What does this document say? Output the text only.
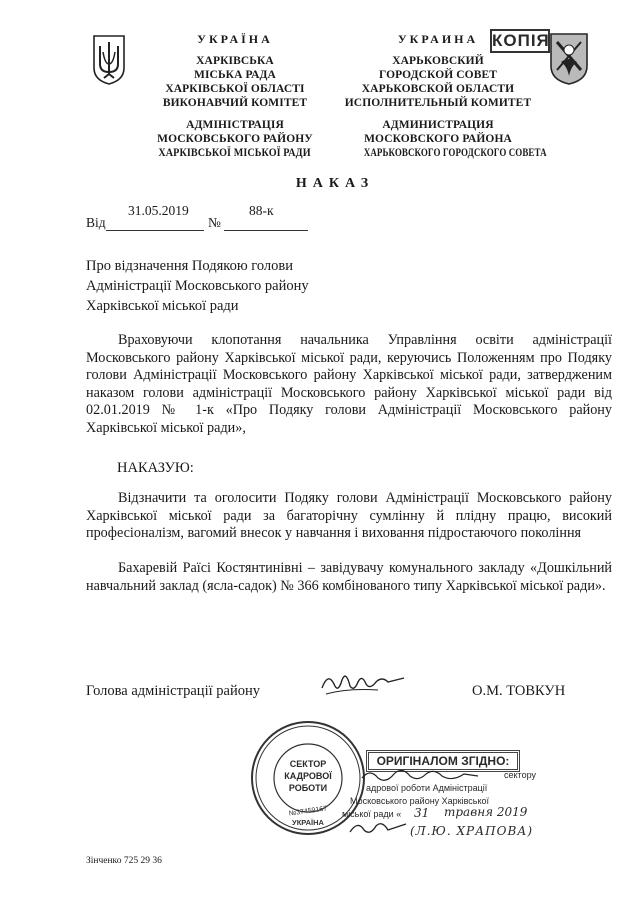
УКРАЇНА
ХАРКІВСЬКА
МІСЬКА РАДА
ХАРКІВСЬКОЇ ОБЛАСТІ
ВИКОНАВЧИЙ КОМІТЕТ
АДМІНІСТРАЦІЯ
МОСКОВСЬКОГО РАЙОНУ
ХАРКІВСЬКОЇ МІСЬКОЇ РАДИ
УКРАИНА
ХАРЬКОВСКИЙ
ГОРОДСКОЙ СОВЕТ
ХАРЬКОВСКОЙ ОБЛАСТИ
ИСПОЛНИТЕЛЬНЫЙ КОМИТЕТ
АДМИНИСТРАЦИЯ
МОСКОВСКОГО РАЙОНА
ХАРЬКОВСКОГО ГОРОДСКОГО СОВЕТА
КОПІЯ
НАКАЗ
31.05.2019	88-к
Від	№
Про відзначення Подякою голови
Адміністрації Московського району
Харківської міської ради
Враховуючи клопотання начальника Управління освіти адміністрації Московського району Харківської міської ради, керуючись Положенням про Подяку голови Адміністрації Московського району Харківської міської ради, затвердженим наказом голови адміністрації Московського району Харківської міської ради від 02.01.2019 № 1-к «Про Подяку голови Адміністрації Московського району Харківської міської ради»,
НАКАЗУЮ:
Відзначити та оголосити Подяку голови Адміністрації Московського району Харківської міської ради за багаторічну сумлінну й плідну працю, високий професіоналізм, вагомий внесок у навчання і виховання підростаючого покоління
Бахаревій Раїсі Костянтинівні – завідувачу комунального закладу «Дошкільний навчальний заклад (ясла-садок) № 366 комбінованого типу Харківської міської ради».
Голова адміністрації району	О.М. ТОВКУН
СЕКТОР
КАДРОВОЇ
РОБОТИ
№37459167
УКРАЇНА
ОРИГІНАЛОМ ЗГІДНО:
сектору
адрової роботи Адміністрації
Московського району Харківської
міської ради « 31 травня 2019
(Л.Ю. ХРАПОВА)
Зінченко 725 29 36
